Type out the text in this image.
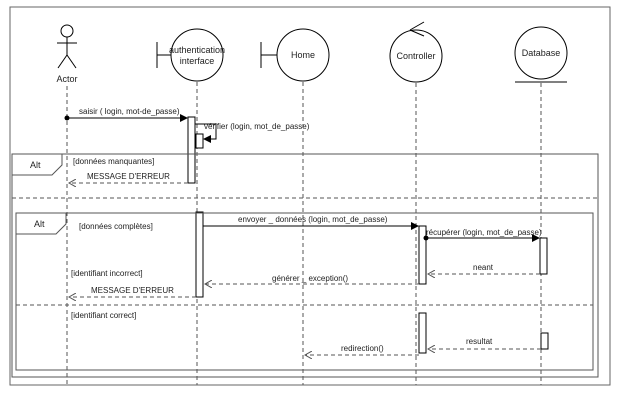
Actor
authentication
interface
Home	Controller	Database
Alt	[données manquantes]
Alt	[données complètes]
[identifiant incorrect]
[identifiant correct]
saisir ( login, mot-de_passe)
vérifier (login, mot_de_passe)
MESSAGE D'ERREUR
envoyer _ données (login, mot_de_passe)
récupérer (login, mot_de_passe)
neant
générer _ exception()
MESSAGE D'ERREUR
resultat
redirection()
